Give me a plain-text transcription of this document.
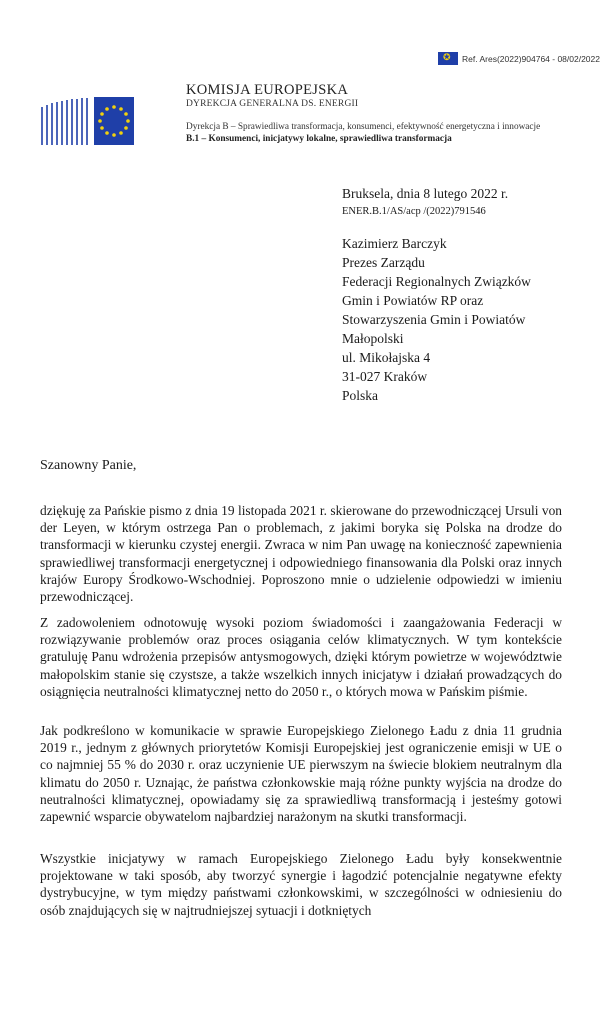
✪ Ref. Ares(2022)904764 - 08/02/2022
KOMISJA EUROPEJSKA
DYREKCJA GENERALNA DS. ENERGII
Dyrekcja B – Sprawiedliwa transformacja, konsumenci, efektywność energetyczna i innowacje
B.1 – Konsumenci, inicjatywy lokalne, sprawiedliwa transformacja
Bruksela, dnia 8 lutego 2022 r.
ENER.B.1/AS/acp /(2022)791546
Kazimierz Barczyk
Prezes Zarządu
Federacji Regionalnych Związków
Gmin i Powiatów RP oraz
Stowarzyszenia Gmin i Powiatów
Małopolski
ul. Mikołajska 4
31-027 Kraków
Polska
Szanowny Panie,

dziękuję za Pańskie pismo z dnia 19 listopada 2021 r. skierowane do przewodniczącej Ursuli von der Leyen, w którym ostrzega Pan o problemach, z jakimi boryka się Polska na drodze do transformacji w kierunku czystej energii. Zwraca w nim Pan uwagę na konieczność zapewnienia sprawiedliwej transformacji energetycznej i odpowiedniego finansowania dla Polski oraz innych krajów Europy Środkowo-Wschodniej. Poproszono mnie o udzielenie odpowiedzi w imieniu przewodniczącej.

Z zadowoleniem odnotowuję wysoki poziom świadomości i zaangażowania Federacji w rozwiązywanie problemów oraz proces osiągania celów klimatycznych. W tym kontekście gratuluję Panu wdrożenia przepisów antysmogowych, dzięki którym powietrze w województwie małopolskim stanie się czystsze, a także wszelkich innych inicjatyw i działań prowadzących do osiągnięcia neutralności klimatycznej netto do 2050 r., o których mowa w Pańskim piśmie.

Jak podkreślono w komunikacie w sprawie Europejskiego Zielonego Ładu z dnia 11 grudnia 2019 r., jednym z głównych priorytetów Komisji Europejskiej jest ograniczenie emisji w UE o co najmniej 55 % do 2030 r. oraz uczynienie UE pierwszym na świecie blokiem neutralnym dla klimatu do 2050 r. Uznając, że państwa członkowskie mają różne punkty wyjścia na drodze do neutralności klimatycznej, opowiadamy się za sprawiedliwą transformacją i jesteśmy gotowi zapewnić wsparcie obywatelom najbardziej narażonym na skutki transformacji.

Wszystkie inicjatywy w ramach Europejskiego Zielonego Ładu były konsekwentnie projektowane w taki sposób, aby tworzyć synergie i łagodzić potencjalnie negatywne efekty dystrybucyjne, w tym między państwami członkowskimi, w szczególności w odniesieniu do osób znajdujących się w najtrudniejszej sytuacji i dotkniętych
